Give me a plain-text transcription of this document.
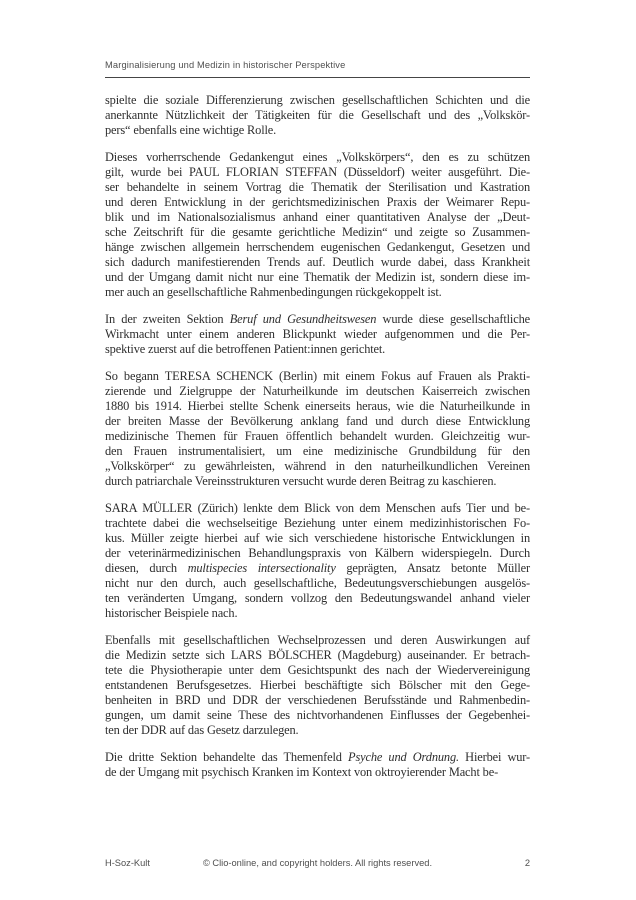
Marginalisierung und Medizin in historischer Perspektive

spielte die soziale Differenzierung zwischen gesellschaftlichen Schichten und die
anerkannte Nützlichkeit der Tätigkeiten für die Gesellschaft und des „Volkskör-
pers“ ebenfalls eine wichtige Rolle.

Dieses vorherrschende Gedankengut eines „Volkskörpers“, den es zu schützen
gilt, wurde bei PAUL FLORIAN STEFFAN (Düsseldorf) weiter ausgeführt. Die-
ser behandelte in seinem Vortrag die Thematik der Sterilisation und Kastration
und deren Entwicklung in der gerichtsmedizinischen Praxis der Weimarer Repu-
blik und im Nationalsozialismus anhand einer quantitativen Analyse der „Deut-
sche Zeitschrift für die gesamte gerichtliche Medizin“ und zeigte so Zusammen-
hänge zwischen allgemein herrschendem eugenischen Gedankengut, Gesetzen und
sich dadurch manifestierenden Trends auf. Deutlich wurde dabei, dass Krankheit
und der Umgang damit nicht nur eine Thematik der Medizin ist, sondern diese im-
mer auch an gesellschaftliche Rahmenbedingungen rückgekoppelt ist.

In der zweiten Sektion Beruf und Gesundheitswesen wurde diese gesellschaftliche
Wirkmacht unter einem anderen Blickpunkt wieder aufgenommen und die Per-
spektive zuerst auf die betroffenen Patient:innen gerichtet.

So begann TERESA SCHENCK (Berlin) mit einem Fokus auf Frauen als Prakti-
zierende und Zielgruppe der Naturheilkunde im deutschen Kaiserreich zwischen
1880 bis 1914. Hierbei stellte Schenk einerseits heraus, wie die Naturheilkunde in
der breiten Masse der Bevölkerung anklang fand und durch diese Entwicklung
medizinische Themen für Frauen öffentlich behandelt wurden. Gleichzeitig wur-
den Frauen instrumentalisiert, um eine medizinische Grundbildung für den
„Volkskörper“ zu gewährleisten, während in den naturheilkundlichen Vereinen
durch patriarchale Vereinsstrukturen versucht wurde deren Beitrag zu kaschieren.

SARA MÜLLER (Zürich) lenkte dem Blick von dem Menschen aufs Tier und be-
trachtete dabei die wechselseitige Beziehung unter einem medizinhistorischen Fo-
kus. Müller zeigte hierbei auf wie sich verschiedene historische Entwicklungen in
der veterinärmedizinischen Behandlungspraxis von Kälbern widerspiegeln. Durch
diesen, durch multispecies intersectionality geprägten, Ansatz betonte Müller
nicht nur den durch, auch gesellschaftliche, Bedeutungsverschiebungen ausgelös-
ten veränderten Umgang, sondern vollzog den Bedeutungswandel anhand vieler
historischer Beispiele nach.

Ebenfalls mit gesellschaftlichen Wechselprozessen und deren Auswirkungen auf
die Medizin setzte sich LARS BÖLSCHER (Magdeburg) auseinander. Er betrach-
tete die Physiotherapie unter dem Gesichtspunkt des nach der Wiedervereinigung
entstandenen Berufsgesetzes. Hierbei beschäftigte sich Bölscher mit den Gege-
benheiten in BRD und DDR der verschiedenen Berufsstände und Rahmenbedin-
gungen, um damit seine These des nichtvorhandenen Einflusses der Gegebenhei-
ten der DDR auf das Gesetz darzulegen.

Die dritte Sektion behandelte das Themenfeld Psyche und Ordnung. Hierbei wur-
de der Umgang mit psychisch Kranken im Kontext von oktroyierender Macht be-

H-Soz-Kult	© Clio-online, and copyright holders. All rights reserved.	2
